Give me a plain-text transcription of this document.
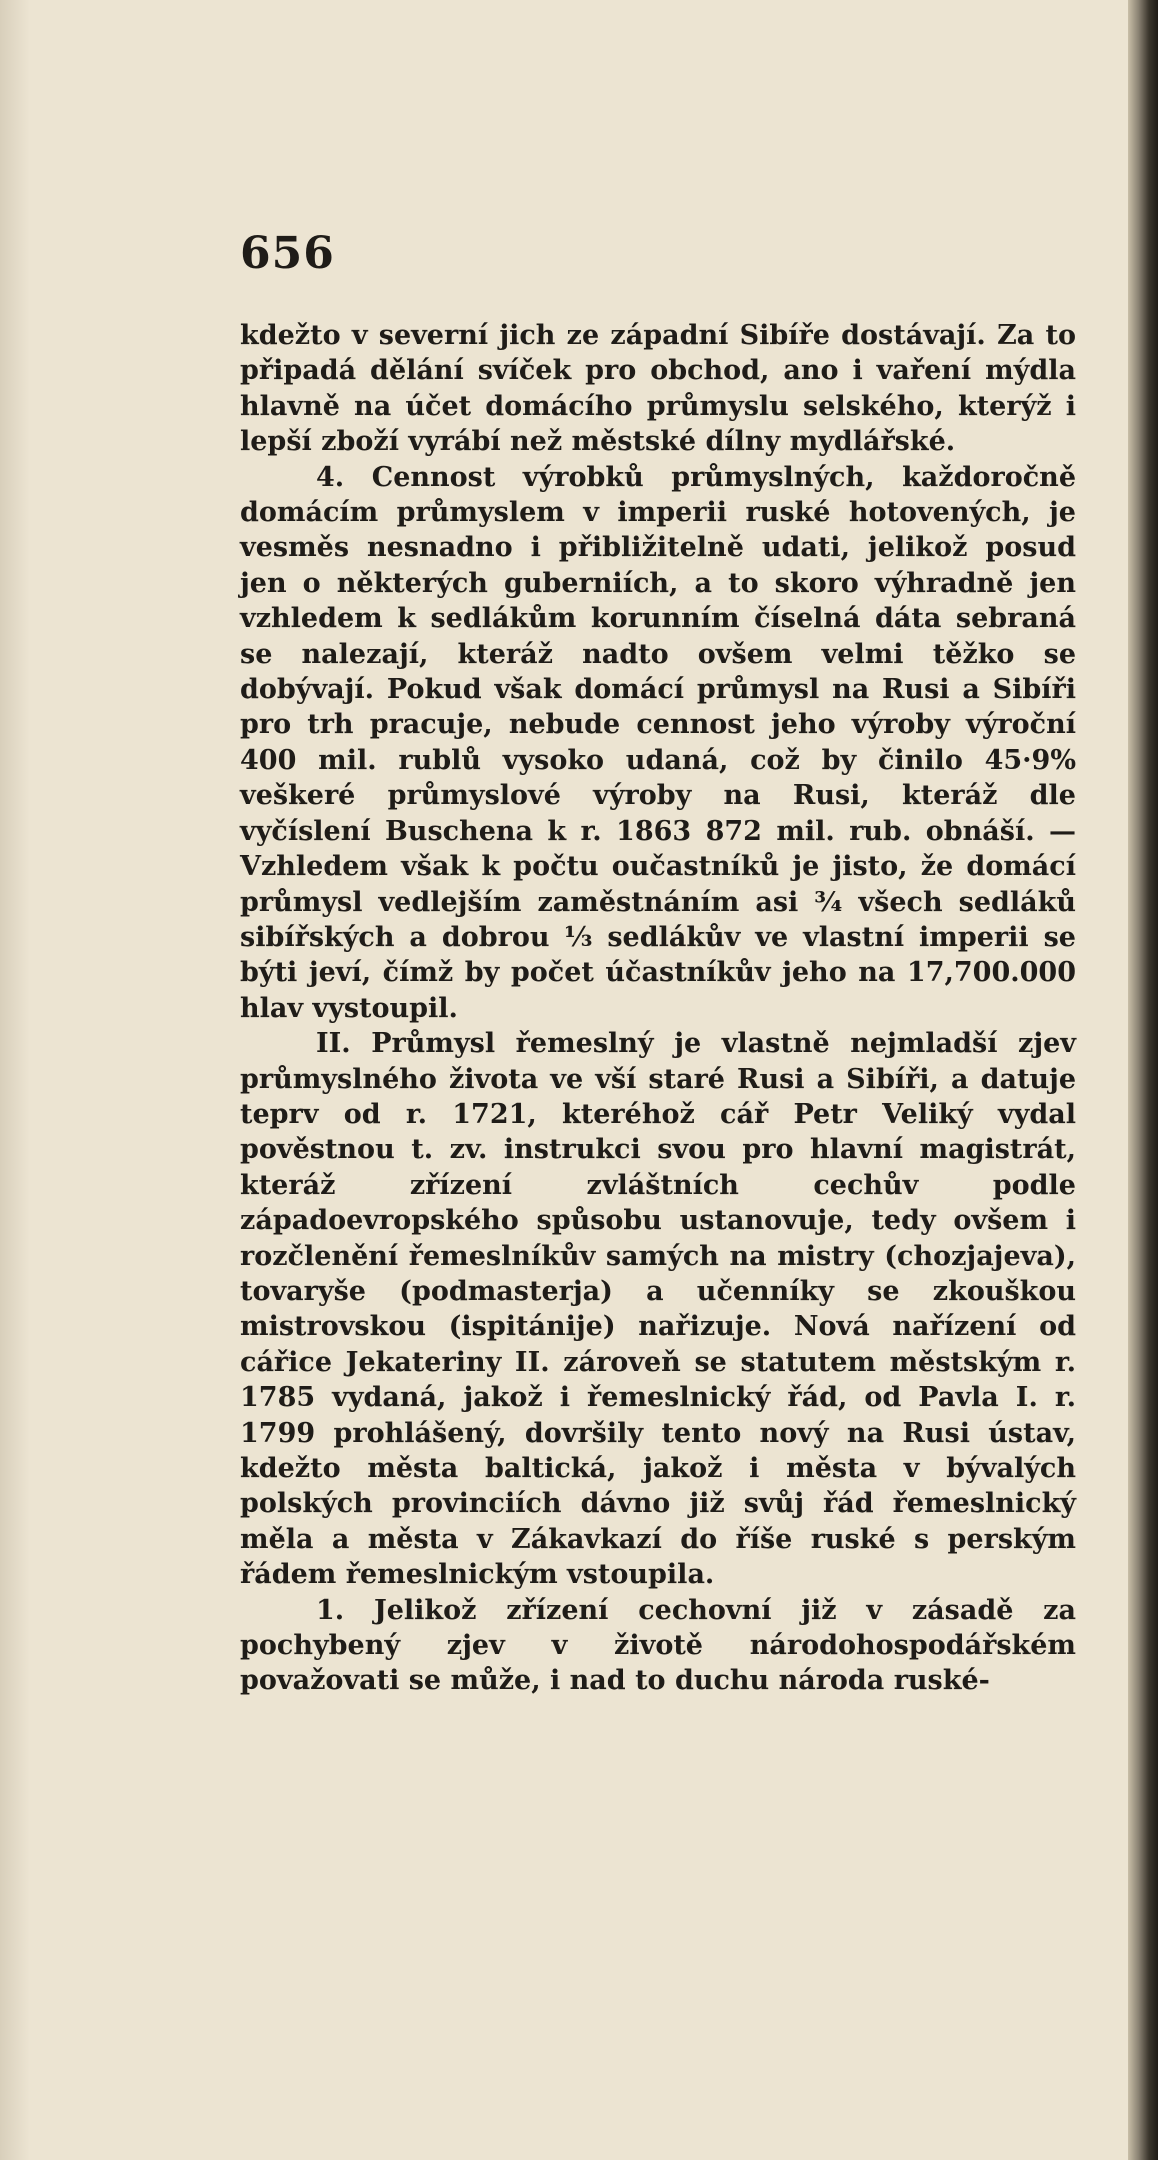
656

kdežto v severní jich ze západní Sibíře dostávají. Za to připadá dělání svíček pro obchod, ano i vaření mýdla hlavně na účet domácího průmyslu selského, kterýž i lepší zboží vyrábí než městské dílny mydlářské.

4. Cennost výrobků průmyslných, každoročně domácím průmyslem v imperii ruské hotovených, je vesměs nesnadno i přibližitelně udati, jelikož posud jen o některých guberniích, a to skoro výhradně jen vzhledem k sedlákům korunním číselná dáta sebraná se nalezají, kteráž nadto ovšem velmi těžko se dobývají. Pokud však domácí průmysl na Rusi a Sibíři pro trh pracuje, nebude cennost jeho výroby výroční 400 mil. rublů vysoko udaná, což by činilo 45·9% veškeré průmyslové výroby na Rusi, kteráž dle vyčíslení Buschena k r. 1863 872 mil. rub. obnáší. — Vzhledem však k počtu oučastníků je jisto, že domácí průmysl vedlejším zaměstnáním asi ¾ všech sedláků sibířských a dobrou ⅓ sedlákův ve vlastní imperii se býti jeví, čímž by počet účastníkův jeho na 17,700.000 hlav vystoupil.

II. Průmysl řemeslný je vlastně nejmladší zjev průmyslného života ve vší staré Rusi a Sibíři, a datuje teprv od r. 1721, kteréhož cář Petr Veliký vydal pověstnou t. zv. instrukci svou pro hlavní magistrát, kteráž zřízení zvláštních cechův podle západoevropského spůsobu ustanovuje, tedy ovšem i rozčlenění řemeslníkův samých na mistry (chozjajeva), tovaryše (podmasterja) a učenníky se zkouškou mistrovskou (ispitánije) nařizuje. Nová nařízení od cářice Jekateriny II. zároveň se statutem městským r. 1785 vydaná, jakož i řemeslnický řád, od Pavla I. r. 1799 prohlášený, dovršily tento nový na Rusi ústav, kdežto města baltická, jakož i města v bývalých polských provinciích dávno již svůj řád řemeslnický měla a města v Zákavkazí do říše ruské s perským řádem řemeslnickým vstoupila.

1. Jelikož zřízení cechovní již v zásadě za pochybený zjev v životě národohospodářském považovati se může, i nad to duchu národa ruské-
